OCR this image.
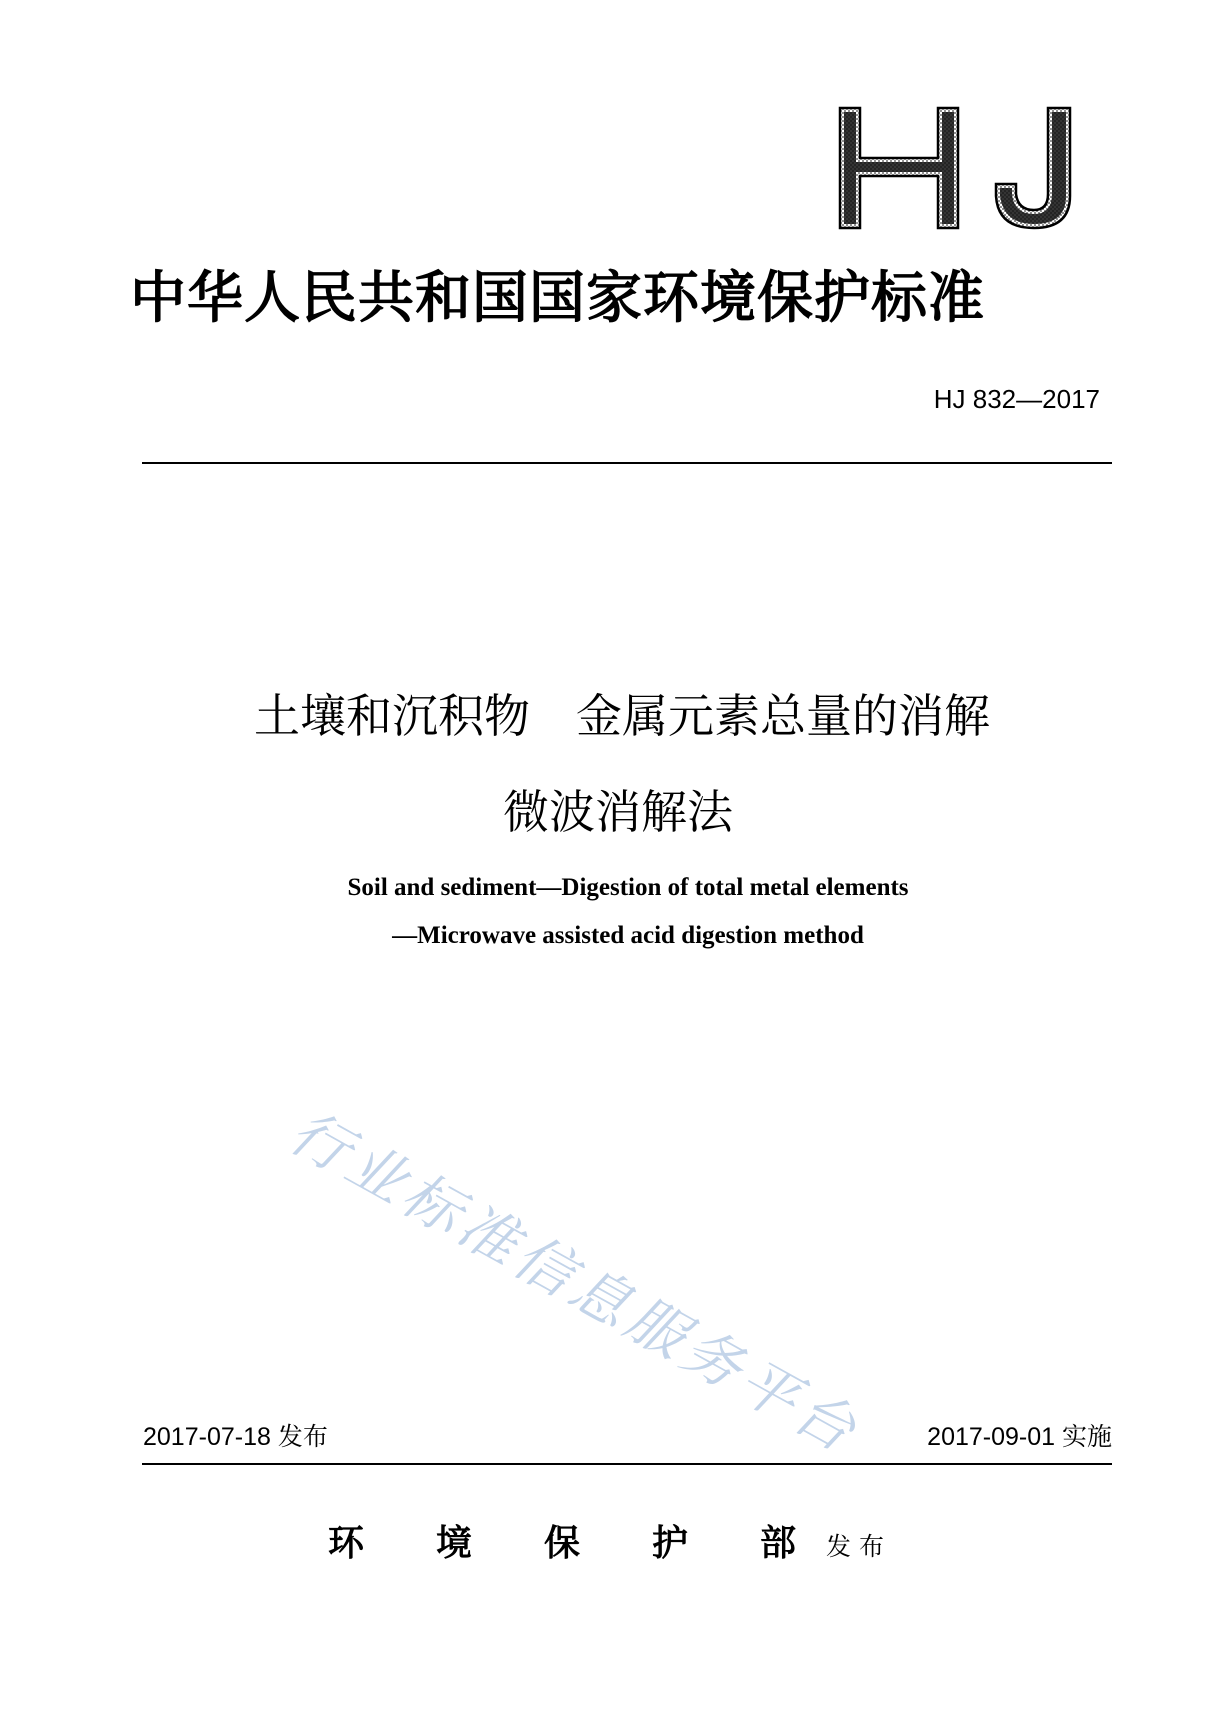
中华人民共和国国家环境保护标准
HJ 832—2017
土壤和沉积物　金属元素总量的消解
微波消解法
Soil and sediment—Digestion of total metal elements
—Microwave assisted acid digestion method
行业标准信息服务平台
2017-07-18 发布	2017-09-01 实施
环　　境　　保　　护　　部 发布
